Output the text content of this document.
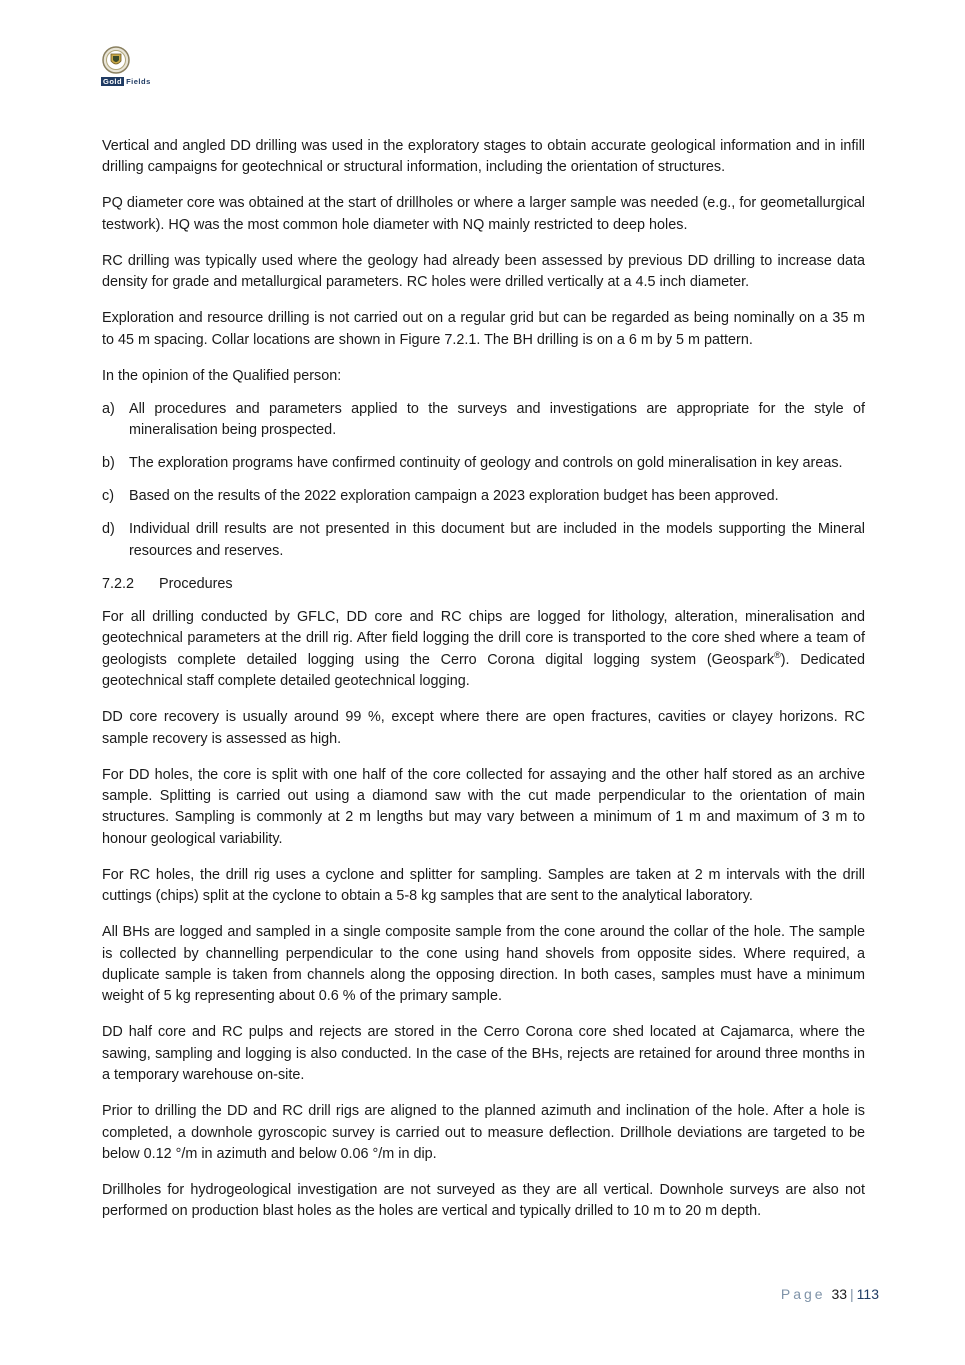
Gold Fields

Vertical and angled DD drilling was used in the exploratory stages to obtain accurate geological information and in infill drilling campaigns for geotechnical or structural information, including the orientation of structures.

PQ diameter core was obtained at the start of drillholes or where a larger sample was needed (e.g., for geometallurgical testwork). HQ was the most common hole diameter with NQ mainly restricted to deep holes.

RC drilling was typically used where the geology had already been assessed by previous DD drilling to increase data density for grade and metallurgical parameters. RC holes were drilled vertically at a 4.5 inch diameter.

Exploration and resource drilling is not carried out on a regular grid but can be regarded as being nominally on a 35 m to 45 m spacing. Collar locations are shown in Figure 7.2.1. The BH drilling is on a 6 m by 5 m pattern.

In the opinion of the Qualified person:

a) All procedures and parameters applied to the surveys and investigations are appropriate for the style of mineralisation being prospected.
b) The exploration programs have confirmed continuity of geology and controls on gold mineralisation in key areas.
c)	Based on the results of the 2022 exploration campaign a 2023 exploration budget has been approved.
d) Individual drill results are not presented in this document but are included in the models supporting the Mineral resources and reserves.
7.2.2	Procedures

For all drilling conducted by GFLC, DD core and RC chips are logged for lithology, alteration, mineralisation and geotechnical parameters at the drill rig. After field logging the drill core is transported to the core shed where a team of geologists complete detailed logging using the Cerro Corona digital logging system (Geospark®). Dedicated geotechnical staff complete detailed geotechnical logging.

DD core recovery is usually around 99 %, except where there are open fractures, cavities or clayey horizons. RC sample recovery is assessed as high.

For DD holes, the core is split with one half of the core collected for assaying and the other half stored as an archive sample. Splitting is carried out using a diamond saw with the cut made perpendicular to the orientation of main structures. Sampling is commonly at 2 m lengths but may vary between a minimum of 1 m and maximum of 3 m to honour geological variability.

For RC holes, the drill rig uses a cyclone and splitter for sampling. Samples are taken at 2 m intervals with the drill cuttings (chips) split at the cyclone to obtain a 5-8 kg samples that are sent to the analytical laboratory.

All BHs are logged and sampled in a single composite sample from the cone around the collar of the hole. The sample is collected by channelling perpendicular to the cone using hand shovels from opposite sides. Where required, a duplicate sample is taken from channels along the opposing direction. In both cases, samples must have a minimum weight of 5 kg representing about 0.6 % of the primary sample.

DD half core and RC pulps and rejects are stored in the Cerro Corona core shed located at Cajamarca, where the sawing, sampling and logging is also conducted. In the case of the BHs, rejects are retained for around three months in a temporary warehouse on-site.

Prior to drilling the DD and RC drill rigs are aligned to the planned azimuth and inclination of the hole. After a hole is completed, a downhole gyroscopic survey is carried out to measure deflection. Drillhole deviations are targeted to be below 0.12 °/m in azimuth and below 0.06 °/m in dip.

Drillholes for hydrogeological investigation are not surveyed as they are all vertical. Downhole surveys are also not performed on production blast holes as the holes are vertical and typically drilled to 10 m to 20 m depth.

Page 33 | 113
